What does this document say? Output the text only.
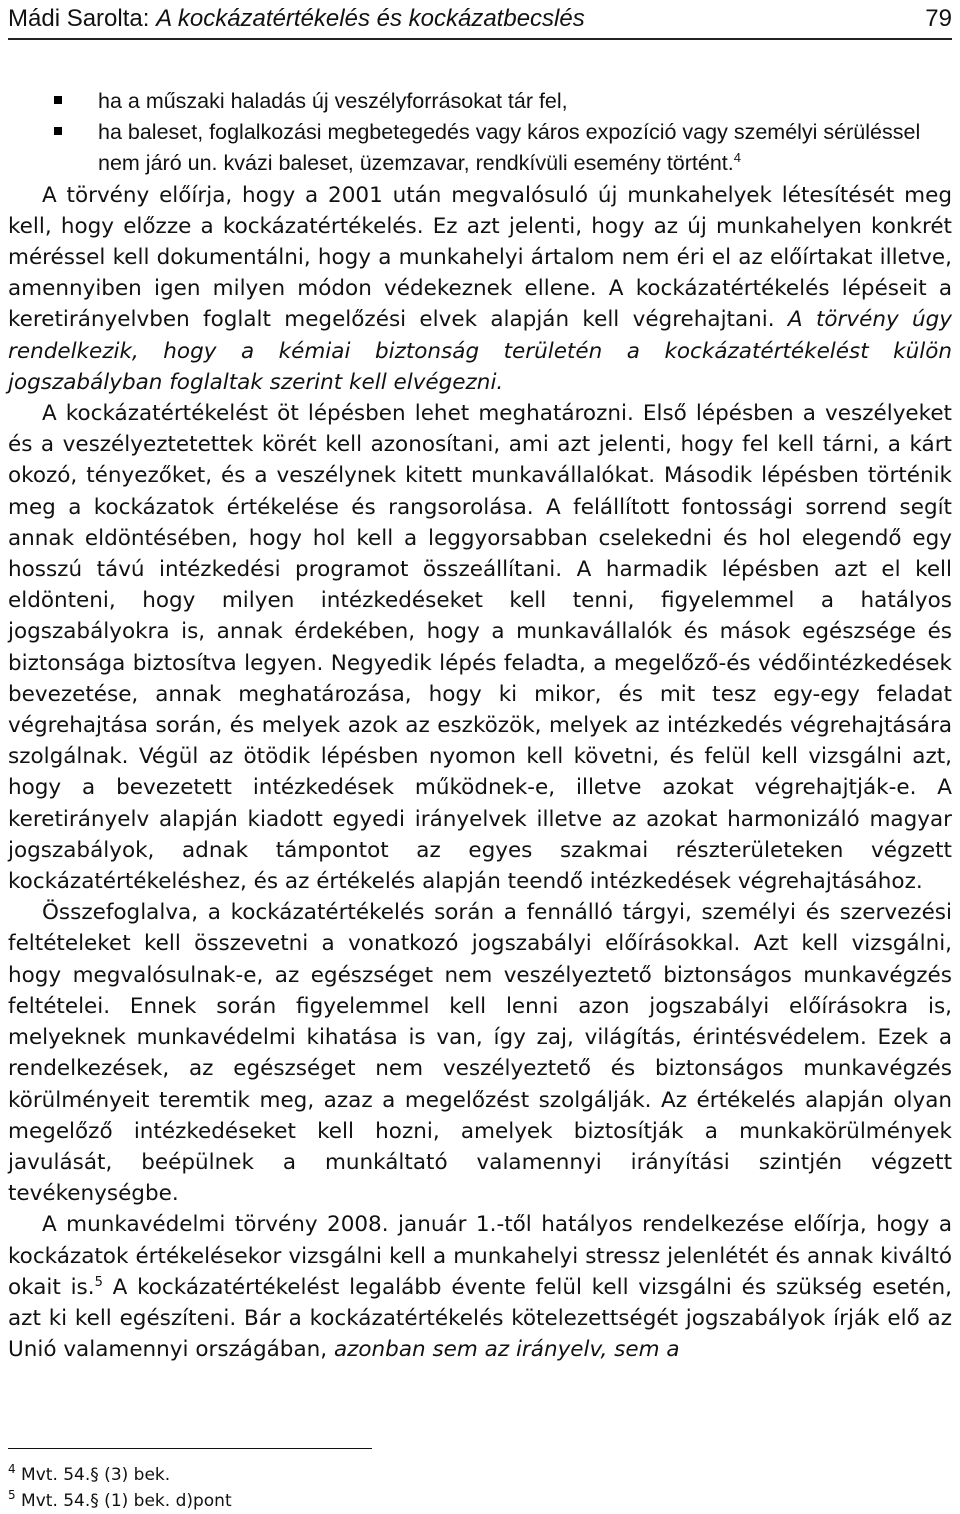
Mádi Sarolta: A kockázatértékelés és kockázatbecslés	79
ha a műszaki haladás új veszélyforrásokat tár fel,
ha baleset, foglalkozási megbetegedés vagy káros expozíció vagy személyi sérüléssel nem járó un. kvázi baleset, üzemzavar, rendkívüli esemény történt.$^4$

A törvény előírja, hogy a 2001 után megvalósuló új munkahelyek létesítését meg kell, hogy előzze a kockázatértékelés. Ez azt jelenti, hogy az új munkahelyen konkrét méréssel kell dokumentálni, hogy a munkahelyi ártalom nem éri el az előírtakat illetve, amennyiben igen milyen módon védekeznek ellene. A kockázatértékelés lépéseit a keretirányelvben foglalt megelőzési elvek alapján kell végrehajtani. A törvény úgy rendelkezik, hogy a kémiai biztonság területén a kockázatértékelést külön jogszabályban foglaltak szerint kell elvégezni.

A kockázatértékelést öt lépésben lehet meghatározni. Első lépésben a veszélyeket és a veszélyeztetettek körét kell azonosítani, ami azt jelenti, hogy fel kell tárni, a kárt okozó, tényezőket, és a veszélynek kitett munkavállalókat. Második lépésben történik meg a kockázatok értékelése és rangsorolása. A felállított fontossági sorrend segít annak eldöntésében, hogy hol kell a leggyorsabban cselekedni és hol elegendő egy hosszú távú intézkedési programot összeállítani. A harmadik lépésben azt el kell eldönteni, hogy milyen intézkedéseket kell tenni, figyelemmel a hatályos jogszabályokra is, annak érdekében, hogy a munkavállalók és mások egészsége és biztonsága biztosítva legyen. Negyedik lépés feladta, a megelőző-és védőintézkedések bevezetése, annak meghatározása, hogy ki mikor, és mit tesz egy-egy feladat végrehajtása során, és melyek azok az eszközök, melyek az intézkedés végrehajtására szolgálnak. Végül az ötödik lépésben nyomon kell követni, és felül kell vizsgálni azt, hogy a bevezetett intézkedések működnek-e, illetve azokat végrehajtják-e. A keretirányelv alapján kiadott egyedi irányelvek illetve az azokat harmonizáló magyar jogszabályok, adnak támpontot az egyes szakmai részterületeken végzett kockázatértékeléshez, és az értékelés alapján teendő intézkedések végrehajtásához.

Összefoglalva, a kockázatértékelés során a fennálló tárgyi, személyi és szervezési feltételeket kell összevetni a vonatkozó jogszabályi előírásokkal. Azt kell vizsgálni, hogy megvalósulnak-e, az egészséget nem veszélyeztető biztonságos munkavégzés feltételei. Ennek során figyelemmel kell lenni azon jogszabályi előírásokra is, melyeknek munkavédelmi kihatása is van, így zaj, világítás, érintésvédelem. Ezek a rendelkezések, az egészséget nem veszélyeztető és biztonságos munkavégzés körülményeit teremtik meg, azaz a megelőzést szolgálják. Az értékelés alapján olyan megelőző intézkedéseket kell hozni, amelyek biztosítják a munkakörülmények javulását, beépülnek a munkáltató valamennyi irányítási szintjén végzett tevékenységbe.

A munkavédelmi törvény 2008. január 1.-től hatályos rendelkezése előírja, hogy a kockázatok értékelésekor vizsgálni kell a munkahelyi stressz jelenlétét és annak kiváltó okait is.$^5$ A kockázatértékelést legalább évente felül kell vizsgálni és szükség esetén, azt ki kell egészíteni. Bár a kockázatértékelés kötelezettségét jogszabályok írják elő az Unió valamennyi országában, azonban sem az irányelv, sem a

$^4$ Mvt. 54.§ (3) bek.
$^5$ Mvt. 54.§ (1) bek. d)pont
